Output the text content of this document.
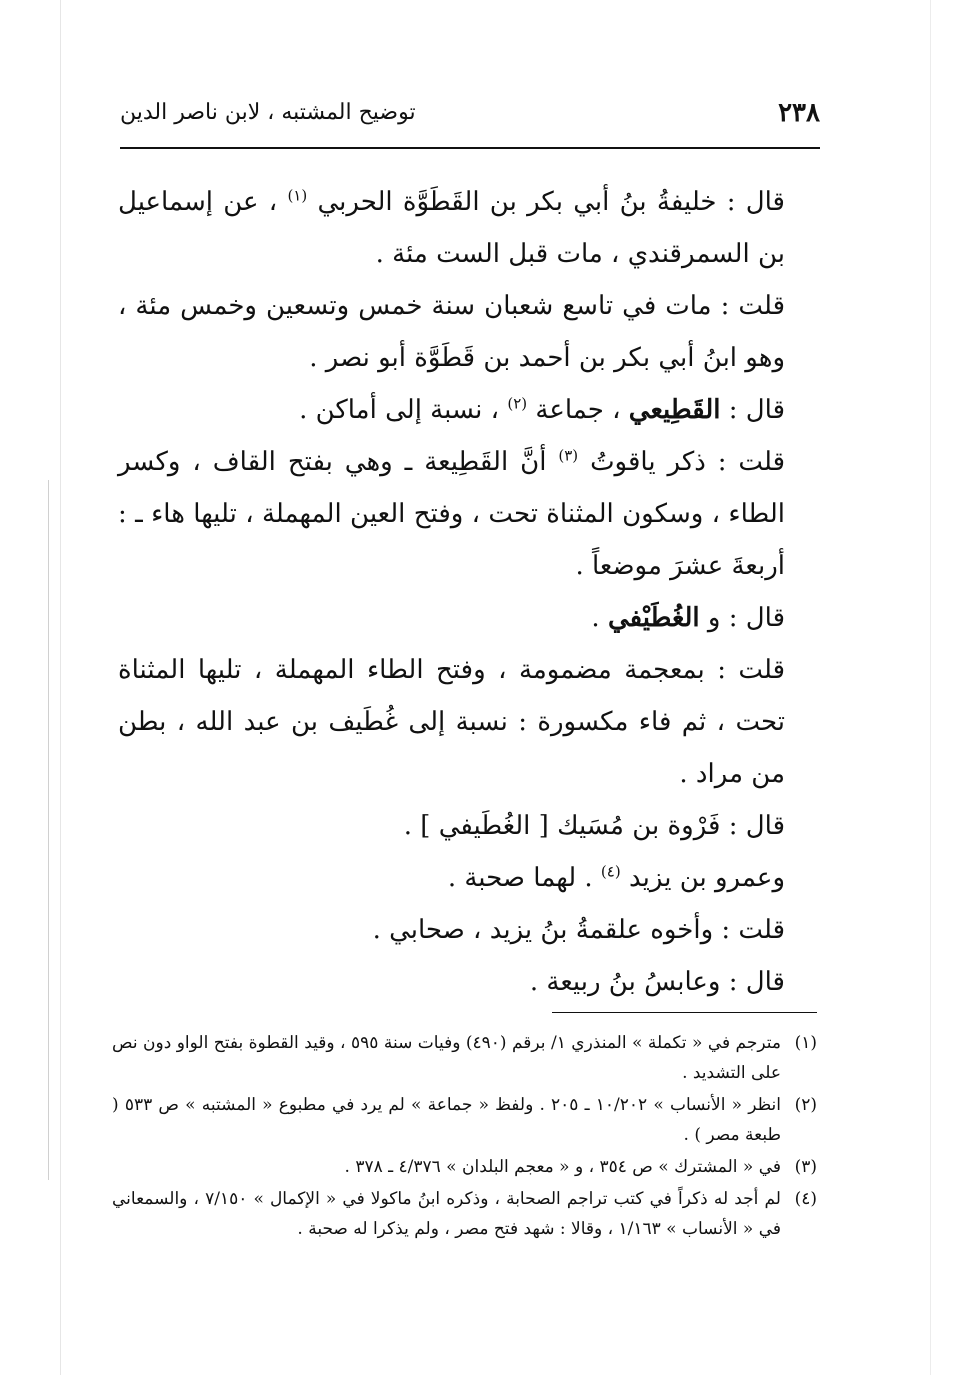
٢٣٨
توضيح المشتبه ، لابن ناصر الدين

قال : خليفةُ بنُ أبي بكر بن القَطَوَّة الحربي $^{(١)}$ ، عن إسماعيل بن السمرقندي ، مات قبل الست مئة .

قلت : مات في تاسع شعبان سنة خمس وتسعين وخمس مئة ، وهو ابنُ أبي بكر بن أحمد بن قَطَوَّة أبو نصر .

قال : القَطِيعي ، جماعة $^{(٢)}$ ، نسبة إلى أماكن .

قلت : ذكر ياقوتُ $^{(٣)}$ أنَّ القَطِيعة ـ وهي بفتح القاف ، وكسر الطاء ، وسكون المثناة تحت ، وفتح العين المهملة ، تليها هاء ـ : أربعةَ عشرَ موضعاً .

قال : و الغُطَيْفي .

قلت : بمعجمة مضمومة ، وفتح الطاء المهملة ، تليها المثناة تحت ، ثم فاء مكسورة : نسبة إلى غُطَيف بن عبد الله ، بطن من مراد .

قال : فَرْوة بن مُسَيك [ الغُطَيفي ] .

وعمرو بن يزيد $^{(٤)}$ . لهما صحبة .

قلت : وأخوه علقمةُ بنُ يزيد ، صحابي .

قال : وعابسُ بنُ ربيعة .

(١)
مترجم في « تكملة » المنذري ١/ برقم (٤٩٠) وفيات سنة ٥٩٥ ، وقيد القطوة بفتح الواو دون نص على التشديد .
(٢)
انظر « الأنساب » ١٠/٢٠٢ ـ ٢٠٥ . ولفظ « جماعة » لم يرد في مطبوع « المشتبه » ص ٥٣٣ ( طبعة مصر ) .
(٣)
في « المشترك » ص ٣٥٤ ، و « معجم البلدان » ٤/٣٧٦ ـ ٣٧٨ .
(٤)
لم أجد له ذكراً في كتب تراجم الصحابة ، وذكره ابنُ ماكولا في « الإكمال » ٧/١٥٠ ، والسمعاني في « الأنساب » ١/١٦٣ ، وقالا : شهد فتح مصر ، ولم يذكرا له صحبة .
